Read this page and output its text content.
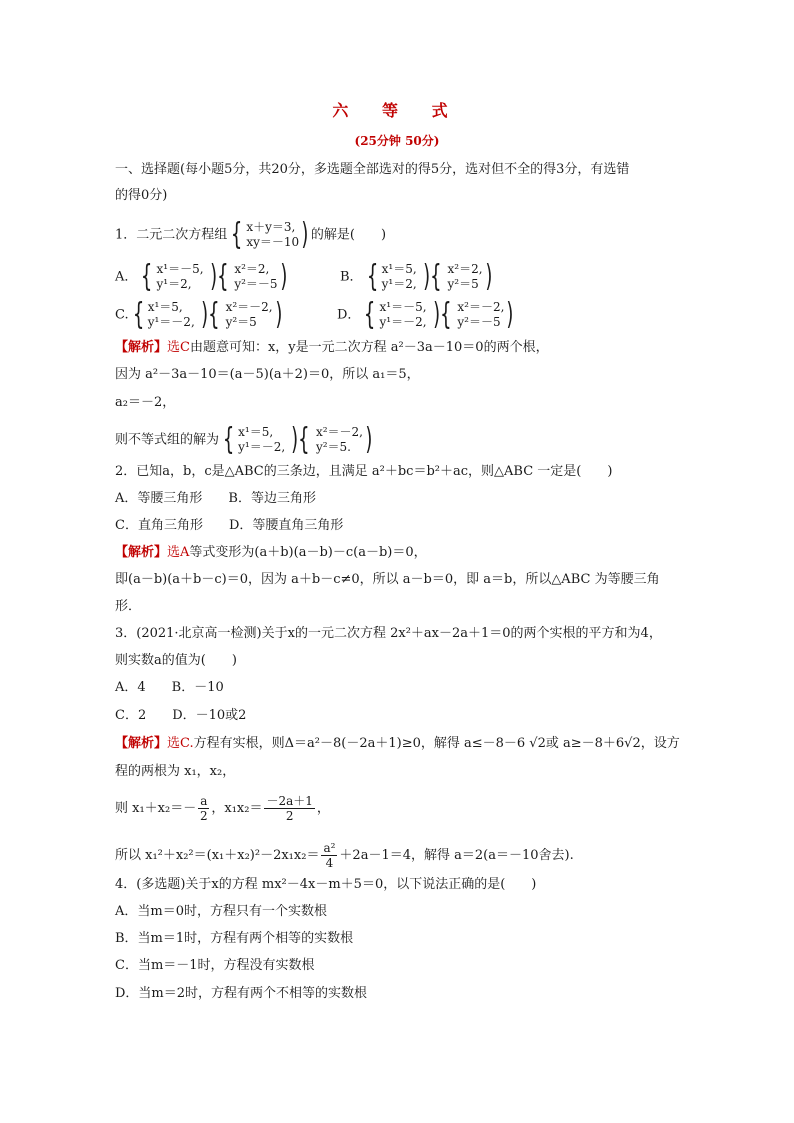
六 等 式
(25分钟 50分)
一、选择题(每小题5分，共20分，多选题全部选对的得5分，选对但不全的得3分，有选错
的得0分)
1．二元二次方程组 { x＋y＝3,
xy＝－10 ) 的解是(　　)
A． { x¹＝－5,
y¹＝2, ){ x²＝2,
y²＝－5 )	B． { x¹＝5,
y¹＝2, ){ x²＝2,
y²＝5 )
C. { x¹＝5,
y¹＝－2, ){ x²＝－2,
y²＝5 )	D． { x¹＝－5,
y¹＝－2, ){ x²＝－2,
y²＝－5 )
【解析】选C由题意可知：x，y是一元二次方程 a²－3a－10＝0的两个根，
因为 a²－3a－10＝(a－5)(a＋2)＝0，所以 a₁＝5，
a₂＝－2，
则不等式组的解为 { x¹＝5,
y¹＝－2, ){ x²＝－2,
y²＝5. )
2．已知a，b，c是△ABC的三条边，且满足 a²＋bc＝b²＋ac，则△ABC 一定是(　　)
A．等腰三角形　　B．等边三角形
C．直角三角形　　D．等腰直角三角形
【解析】选A等式变形为(a＋b)(a－b)－c(a－b)＝0，
即(a－b)(a＋b－c)＝0，因为 a＋b－c≠0，所以 a－b＝0，即 a＝b，所以△ABC 为等腰三角
形．
3．(2021·北京高一检测)关于x的一元二次方程 2x²＋ax－2a＋1＝0的两个实根的平方和为4，
则实数a的值为(　　)
A．4　　B．－10
C．2　　D．－10或2
【解析】选C.方程有实根，则Δ＝a²－8(－2a＋1)≥0，解得 a≤－8－6 √2或 a≥－8＋6√2，设方
程的两根为 x₁，x₂，
则 $x_1+x_2=- \frac{a}{2}$ ，$x_1x_2= \frac{-2a+1}{2}$ ，
所以 $x_1^2+x_2^2=(x_1+x_2)^2-2x_1x_2= \frac{\text{a²}}{4} +2a-1=4$，解得 a＝2(a＝－10舍去).
4．(多选题)关于x的方程 mx²－4x－m＋5＝0，以下说法正确的是(　　)
A．当m＝0时，方程只有一个实数根
B．当m＝1时，方程有两个相等的实数根
C．当m＝－1时，方程没有实数根
D．当m＝2时，方程有两个不相等的实数根
